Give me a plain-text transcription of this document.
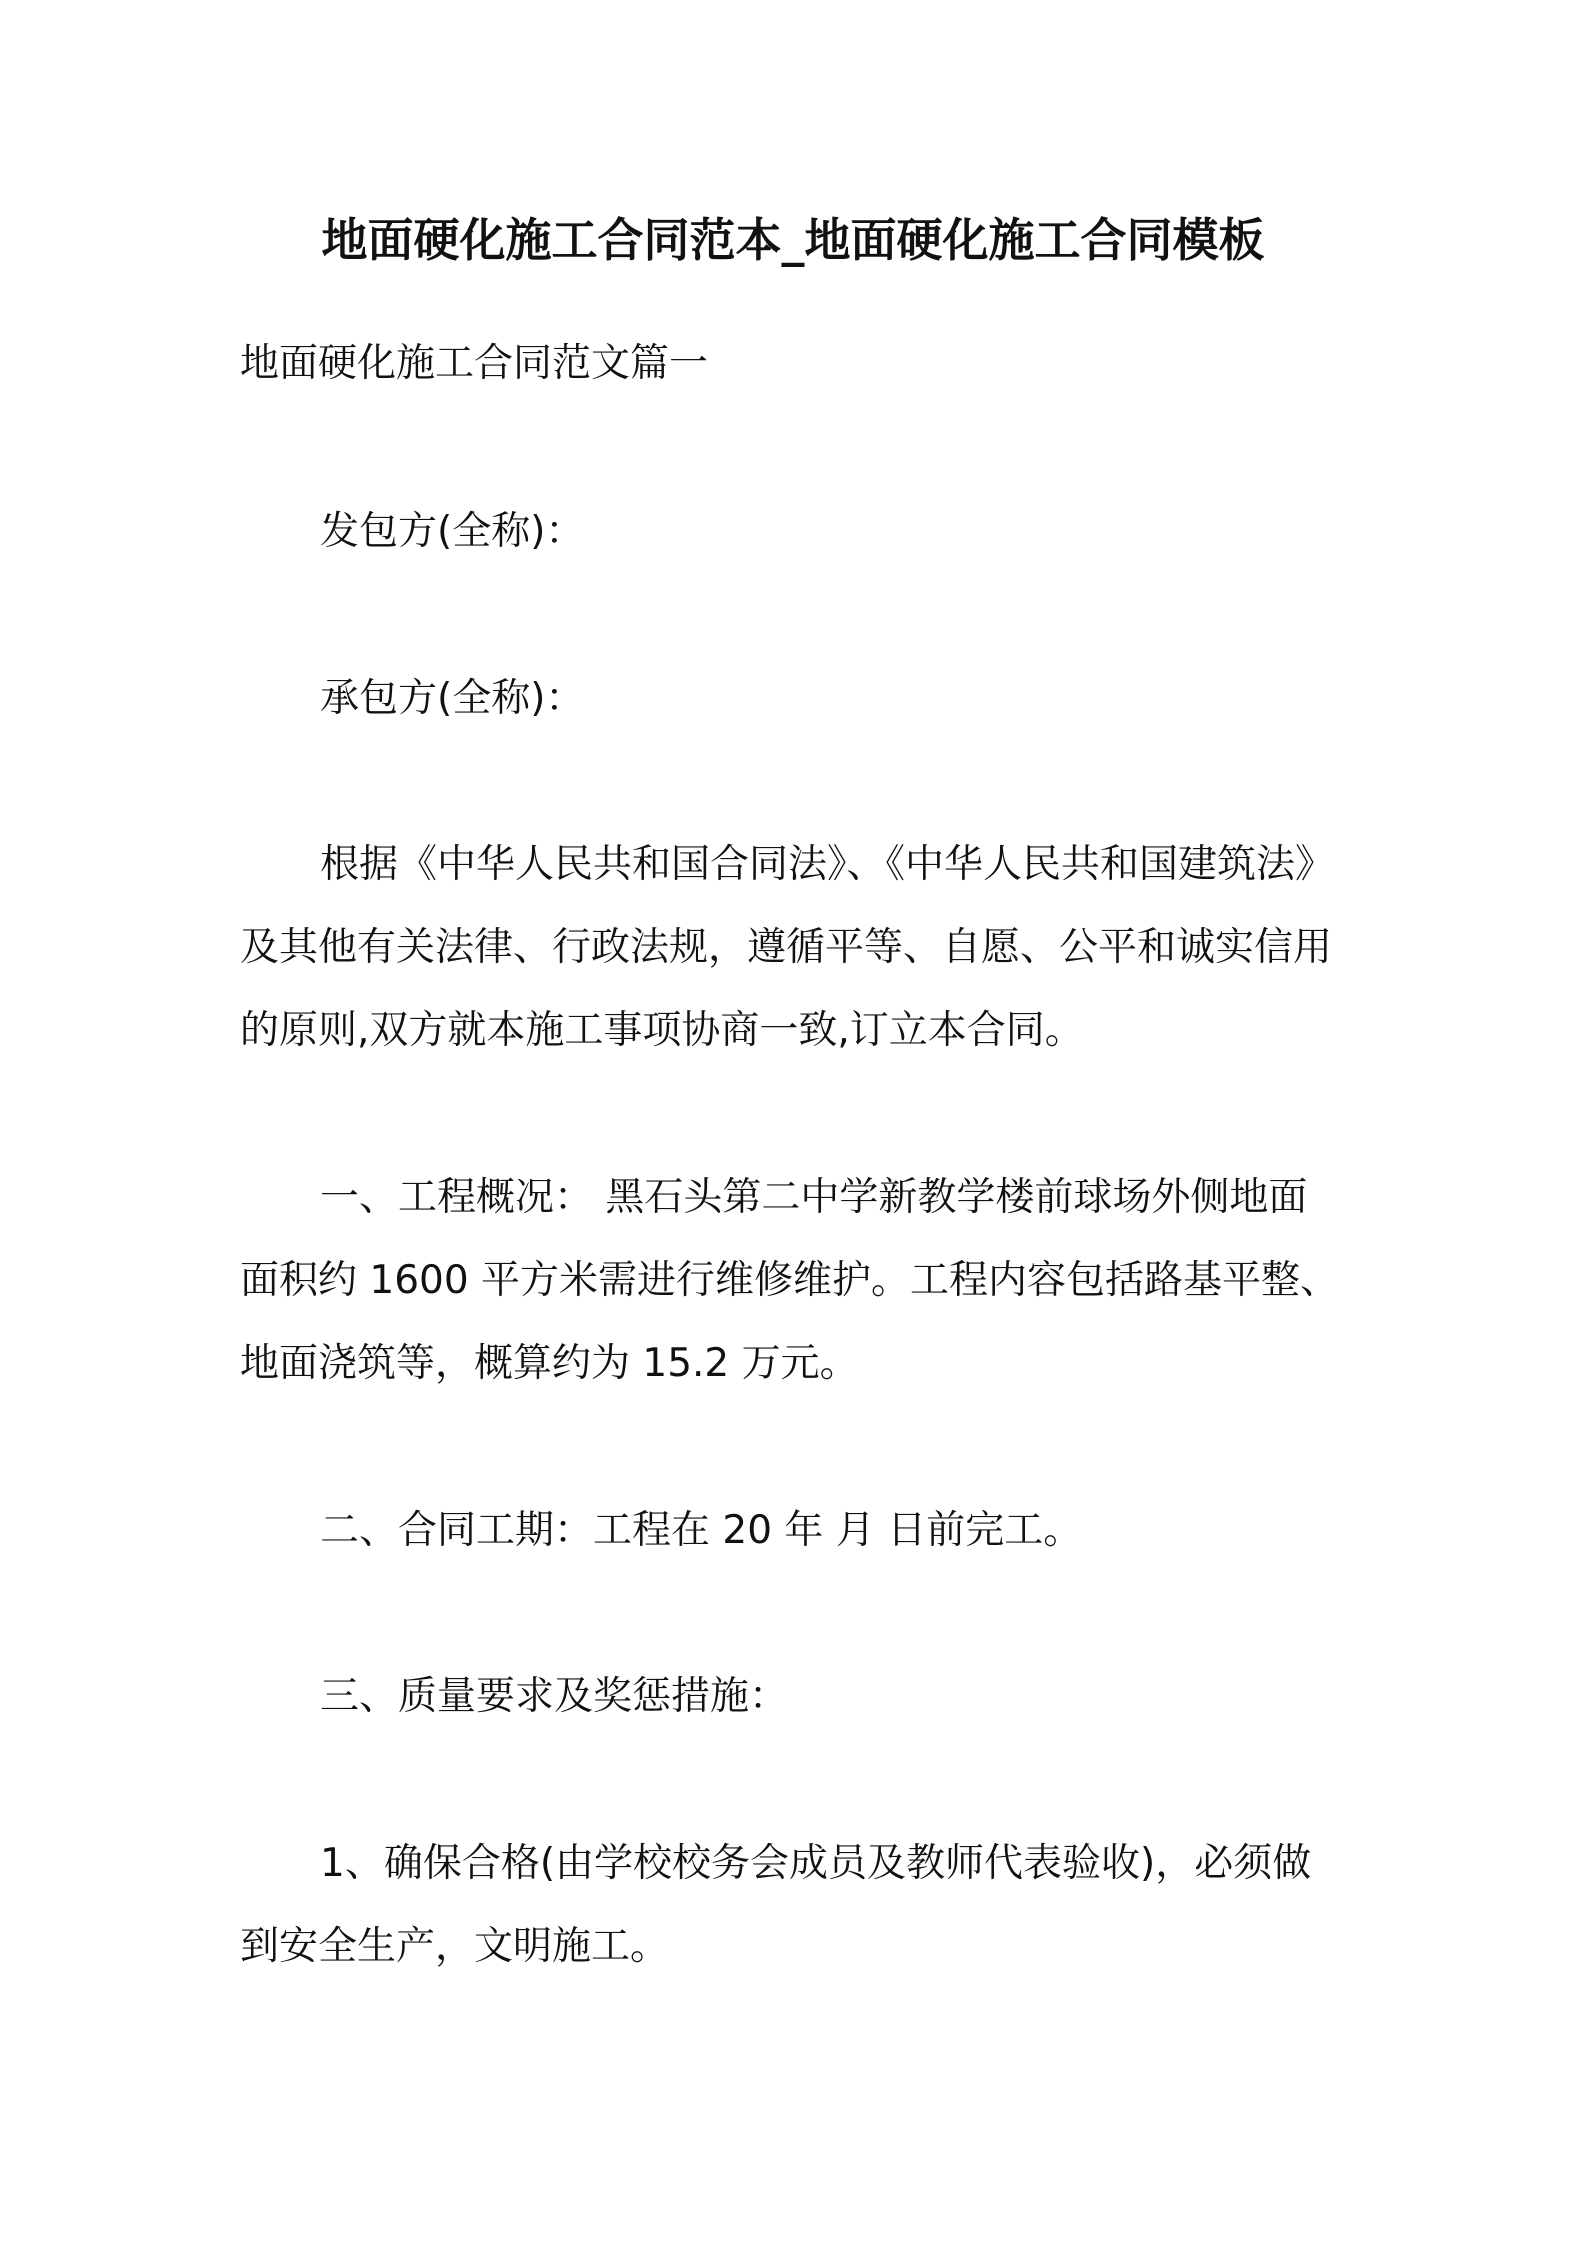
地面硬化施工合同范本_地面硬化施工合同模板
地面硬化施工合同范文篇一
发包方(全称)：
承包方(全称)：
根据《中华人民共和国合同法》、《中华人民共和国建筑法》
及其他有关法律、行政法规，遵循平等、自愿、公平和诚实信用
的原则,双方就本施工事项协商一致,订立本合同。
一、工程概况： 黑石头第二中学新教学楼前球场外侧地面
面积约 1600 平方米需进行维修维护。工程内容包括路基平整、
地面浇筑等，概算约为 15.2 万元。
二、合同工期：工程在 20 年 月 日前完工。
三、质量要求及奖惩措施：
1、确保合格(由学校校务会成员及教师代表验收)，必须做
到安全生产，文明施工。
